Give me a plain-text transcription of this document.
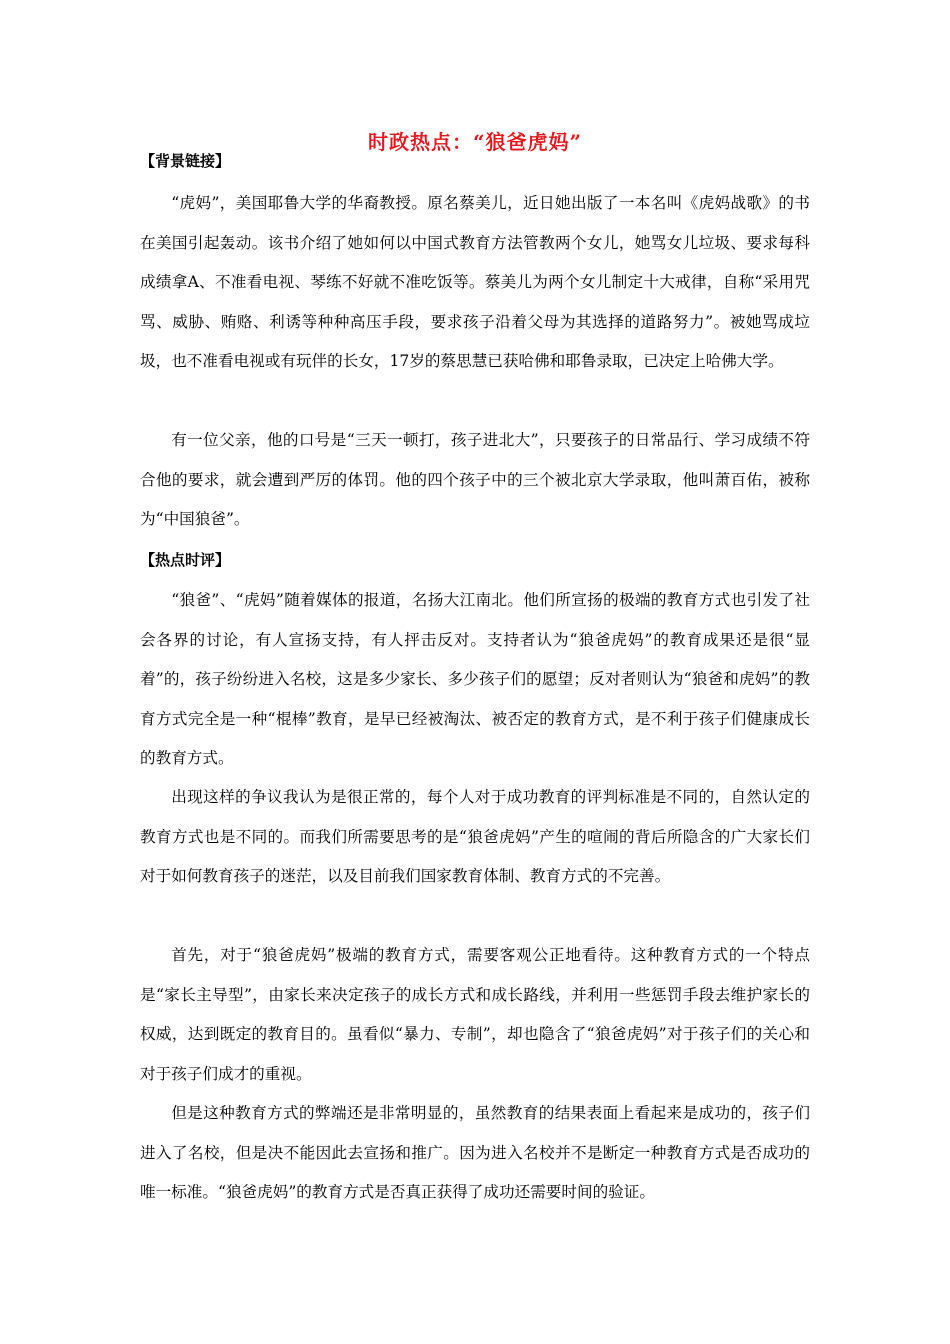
时政热点：“狼爸虎妈”
【背景链接】

“虎妈”，美国耶鲁大学的华裔教授。原名蔡美儿，近日她出版了一本名叫《虎妈战歌》的书在美国引起轰动。该书介绍了她如何以中国式教育方法管教两个女儿，她骂女儿垃圾、要求每科成绩拿A、不准看电视、琴练不好就不准吃饭等。蔡美儿为两个女儿制定十大戒律，自称“采用咒骂、威胁、贿赂、利诱等种种高压手段，要求孩子沿着父母为其选择的道路努力”。被她骂成垃圾，也不准看电视或有玩伴的长女，17岁的蔡思慧已获哈佛和耶鲁录取，已决定上哈佛大学。

有一位父亲，他的口号是“三天一顿打，孩子进北大”，只要孩子的日常品行、学习成绩不符合他的要求，就会遭到严厉的体罚。他的四个孩子中的三个被北京大学录取，他叫萧百佑，被称为“中国狼爸”。

【热点时评】

“狼爸”、“虎妈”随着媒体的报道，名扬大江南北。他们所宣扬的极端的教育方式也引发了社会各界的讨论，有人宣扬支持，有人抨击反对。支持者认为“狼爸虎妈”的教育成果还是很“显着”的，孩子纷纷进入名校，这是多少家长、多少孩子们的愿望；反对者则认为“狼爸和虎妈”的教育方式完全是一种“棍棒”教育，是早已经被淘汰、被否定的教育方式，是不利于孩子们健康成长的教育方式。

出现这样的争议我认为是很正常的，每个人对于成功教育的评判标准是不同的，自然认定的教育方式也是不同的。而我们所需要思考的是“狼爸虎妈”产生的喧闹的背后所隐含的广大家长们对于如何教育孩子的迷茫，以及目前我们国家教育体制、教育方式的不完善。

首先，对于“狼爸虎妈”极端的教育方式，需要客观公正地看待。这种教育方式的一个特点是“家长主导型”，由家长来决定孩子的成长方式和成长路线，并利用一些惩罚手段去维护家长的权威，达到既定的教育目的。虽看似“暴力、专制”，却也隐含了“狼爸虎妈”对于孩子们的关心和对于孩子们成才的重视。

但是这种教育方式的弊端还是非常明显的，虽然教育的结果表面上看起来是成功的，孩子们进入了名校，但是决不能因此去宣扬和推广。因为进入名校并不是断定一种教育方式是否成功的唯一标准。“狼爸虎妈”的教育方式是否真正获得了成功还需要时间的验证。
